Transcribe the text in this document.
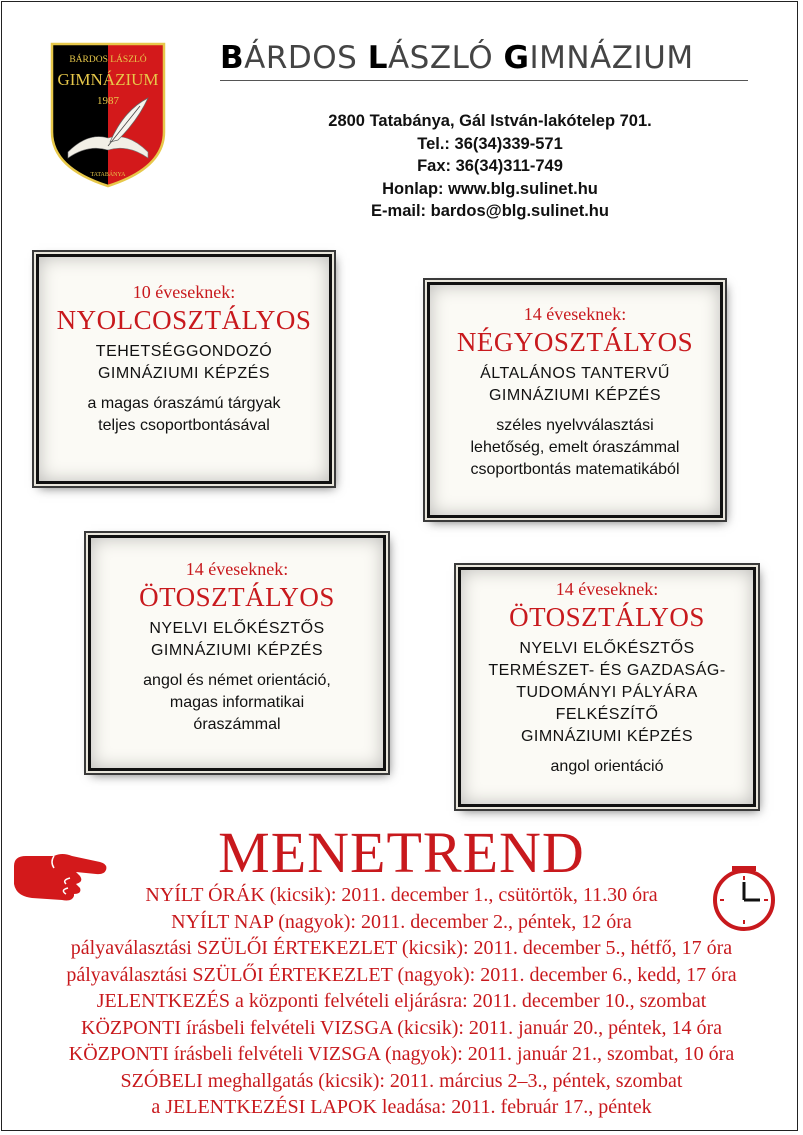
BÁRDOS LÁSZLÓ
GIMNÁZIUM
1987
TATABÁNYA
BÁRDOS LÁSZLÓ GIMNÁZIUM
2800 Tatabánya, Gál István-lakótelep 701.
Tel.: 36(34)339-571
Fax: 36(34)311-749
Honlap: www.blg.sulinet.hu
E-mail: bardos@blg.sulinet.hu
10 éveseknek:
NYOLCOSZTÁLYOS
TEHETSÉGGONDOZÓ
GIMNÁZIUMI KÉPZÉS
a magas óraszámú tárgyak
teljes csoportbontásával
14 éveseknek:
NÉGYOSZTÁLYOS
ÁLTALÁNOS TANTERVŰ
GIMNÁZIUMI KÉPZÉS
széles nyelvválasztási
lehetőség, emelt óraszámmal
csoportbontás matematikából
14 éveseknek:
ÖTOSZTÁLYOS
NYELVI ELŐKÉSZTŐS
GIMNÁZIUMI KÉPZÉS
angol és német orientáció,
magas informatikai
óraszámmal
14 éveseknek:
ÖTOSZTÁLYOS
NYELVI ELŐKÉSZTŐS
TERMÉSZET- ÉS GAZDASÁG-
TUDOMÁNYI PÁLYÁRA
FELKÉSZÍTŐ
GIMNÁZIUMI KÉPZÉS
angol orientáció
MENETREND
NYÍLT ÓRÁK (kicsik): 2011. december 1., csütörtök, 11.30 óra
NYÍLT NAP (nagyok): 2011. december 2., péntek, 12 óra
pályaválasztási SZÜLŐI ÉRTEKEZLET (kicsik): 2011. december 5., hétfő, 17 óra
pályaválasztási SZÜLŐI ÉRTEKEZLET (nagyok): 2011. december 6., kedd, 17 óra
JELENTKEZÉS a központi felvételi eljárásra: 2011. december 10., szombat
KÖZPONTI írásbeli felvételi VIZSGA (kicsik): 2011. január 20., péntek, 14 óra
KÖZPONTI írásbeli felvételi VIZSGA (nagyok): 2011. január 21., szombat, 10 óra
SZÓBELI meghallgatás (kicsik): 2011. március 2–3., péntek, szombat
a JELENTKEZÉSI LAPOK leadása: 2011. február 17., péntek
